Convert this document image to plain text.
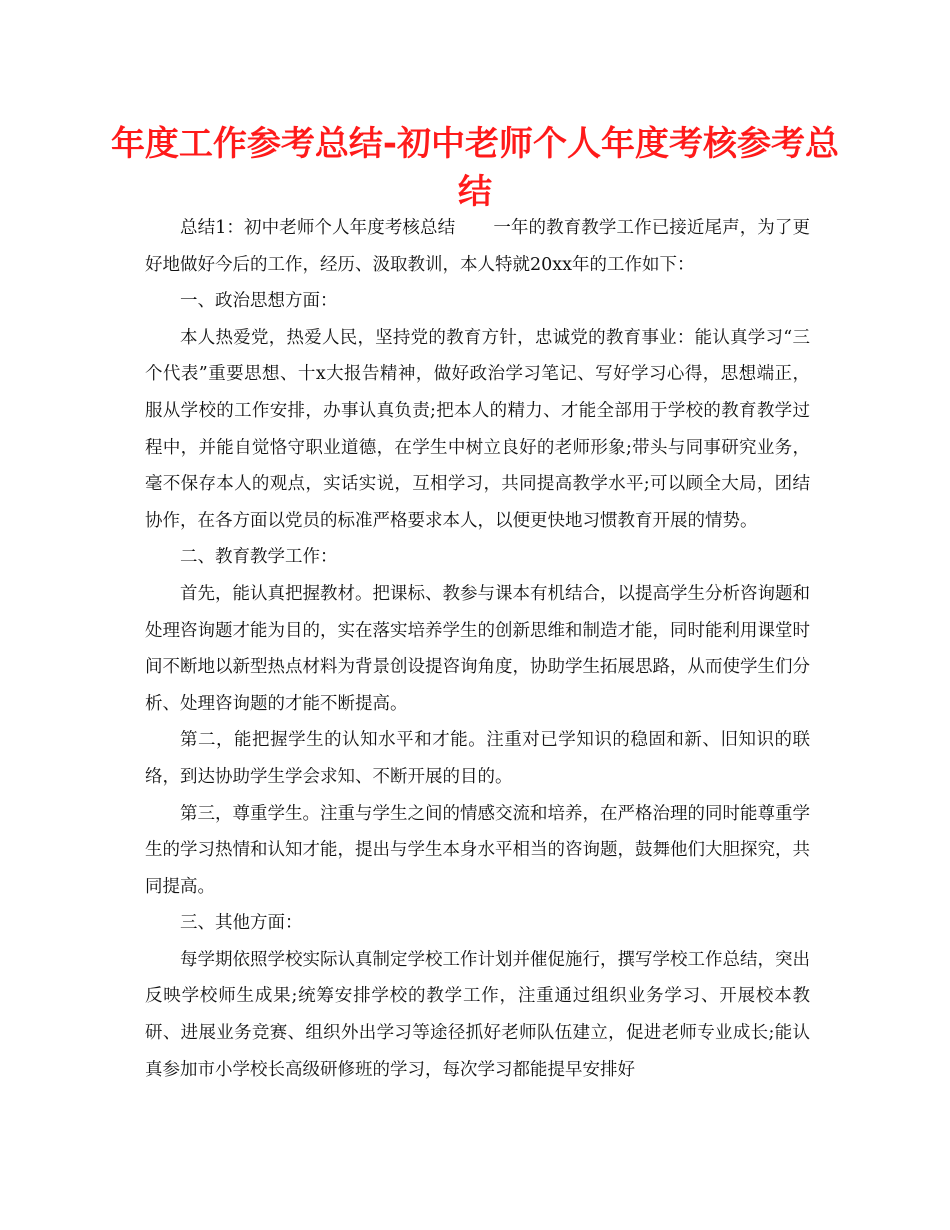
年度工作参考总结-初中老师个人年度考核参考总结

总结1：初中老师个人年度考核总结 一年的教育教学工作已接近尾声，为了更好地做好今后的工作，经历、汲取教训，本人特就20xx年的工作如下：

一、政治思想方面：

本人热爱党，热爱人民，坚持党的教育方针，忠诚党的教育事业：能认真学习“三个代表”重要思想、十x大报告精神，做好政治学习笔记、写好学习心得，思想端正，服从学校的工作安排，办事认真负责;把本人的精力、才能全部用于学校的教育教学过程中，并能自觉恪守职业道德，在学生中树立良好的老师形象;带头与同事研究业务，毫不保存本人的观点，实话实说，互相学习，共同提高教学水平;可以顾全大局，团结协作，在各方面以党员的标准严格要求本人，以便更快地习惯教育开展的情势。

二、教育教学工作：

首先，能认真把握教材。把课标、教参与课本有机结合，以提高学生分析咨询题和处理咨询题才能为目的，实在落实培养学生的创新思维和制造才能，同时能利用课堂时间不断地以新型热点材料为背景创设提咨询角度，协助学生拓展思路，从而使学生们分析、处理咨询题的才能不断提高。

第二，能把握学生的认知水平和才能。注重对已学知识的稳固和新、旧知识的联络，到达协助学生学会求知、不断开展的目的。

第三，尊重学生。注重与学生之间的情感交流和培养，在严格治理的同时能尊重学生的学习热情和认知才能，提出与学生本身水平相当的咨询题，鼓舞他们大胆探究，共同提高。

三、其他方面：

每学期依照学校实际认真制定学校工作计划并催促施行，撰写学校工作总结，突出反映学校师生成果;统筹安排学校的教学工作，注重通过组织业务学习、开展校本教研、进展业务竞赛、组织外出学习等途径抓好老师队伍建立，促进老师专业成长;能认真参加市小学校长高级研修班的学习，每次学习都能提早安排好
